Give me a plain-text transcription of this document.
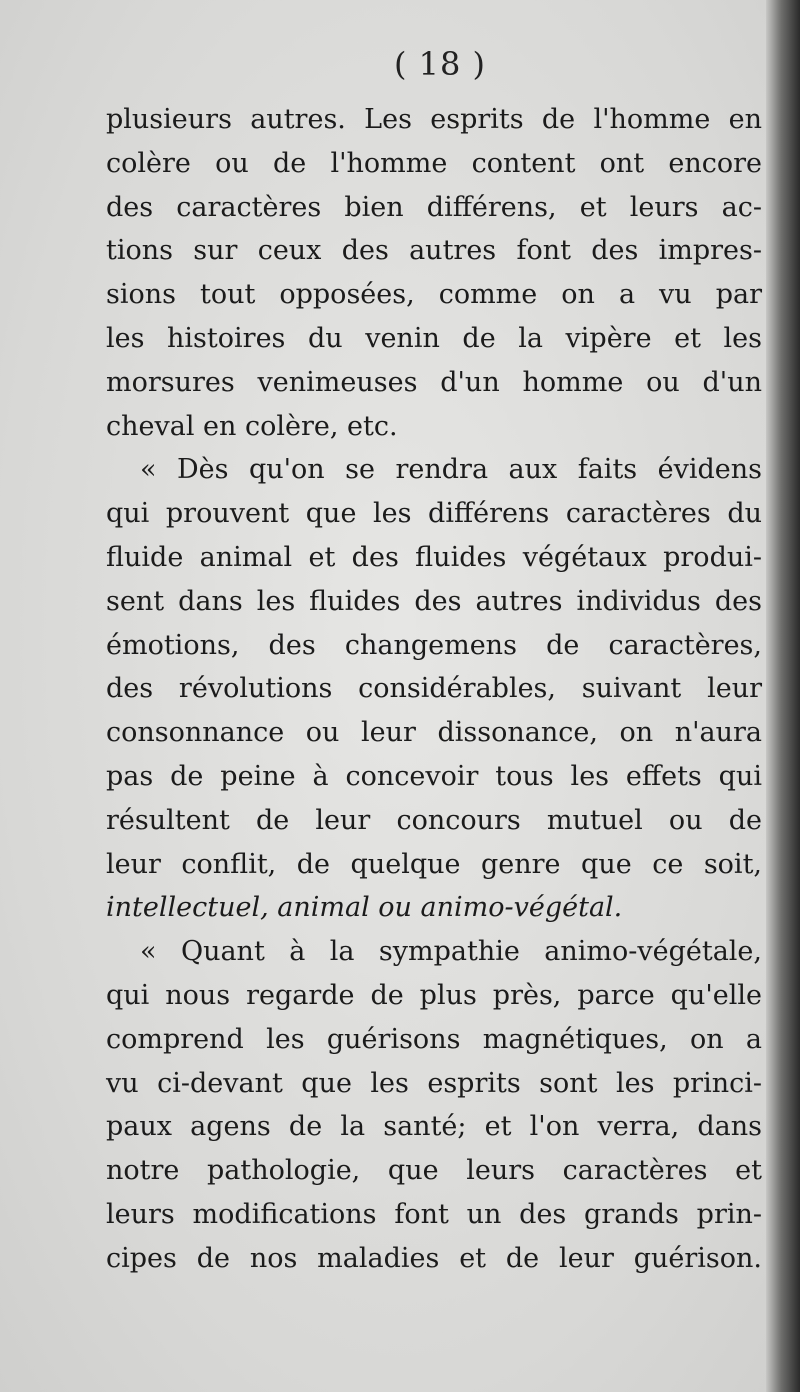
( 18 )
plusieurs autres. Les esprits de l'homme en
colère ou de l'homme content ont encore
des caractères bien différens, et leurs ac-
tions sur ceux des autres font des impres-
sions tout opposées, comme on a vu par
les histoires du venin de la vipère et les
morsures venimeuses d'un homme ou d'un
cheval en colère, etc.
« Dès qu'on se rendra aux faits évidens
qui prouvent que les différens caractères du
fluide animal et des fluides végétaux produi-
sent dans les fluides des autres individus des
émotions, des changemens de caractères,
des révolutions considérables, suivant leur
consonnance ou leur dissonance, on n'aura
pas de peine à concevoir tous les effets qui
résultent de leur concours mutuel ou de
leur conflit, de quelque genre que ce soit,
intellectuel, animal ou animo-végétal.
« Quant à la sympathie animo-végétale,
qui nous regarde de plus près, parce qu'elle
comprend les guérisons magnétiques, on a
vu ci-devant que les esprits sont les princi-
paux agens de la santé; et l'on verra, dans
notre pathologie, que leurs caractères et
leurs modifications font un des grands prin-
cipes de nos maladies et de leur guérison.
